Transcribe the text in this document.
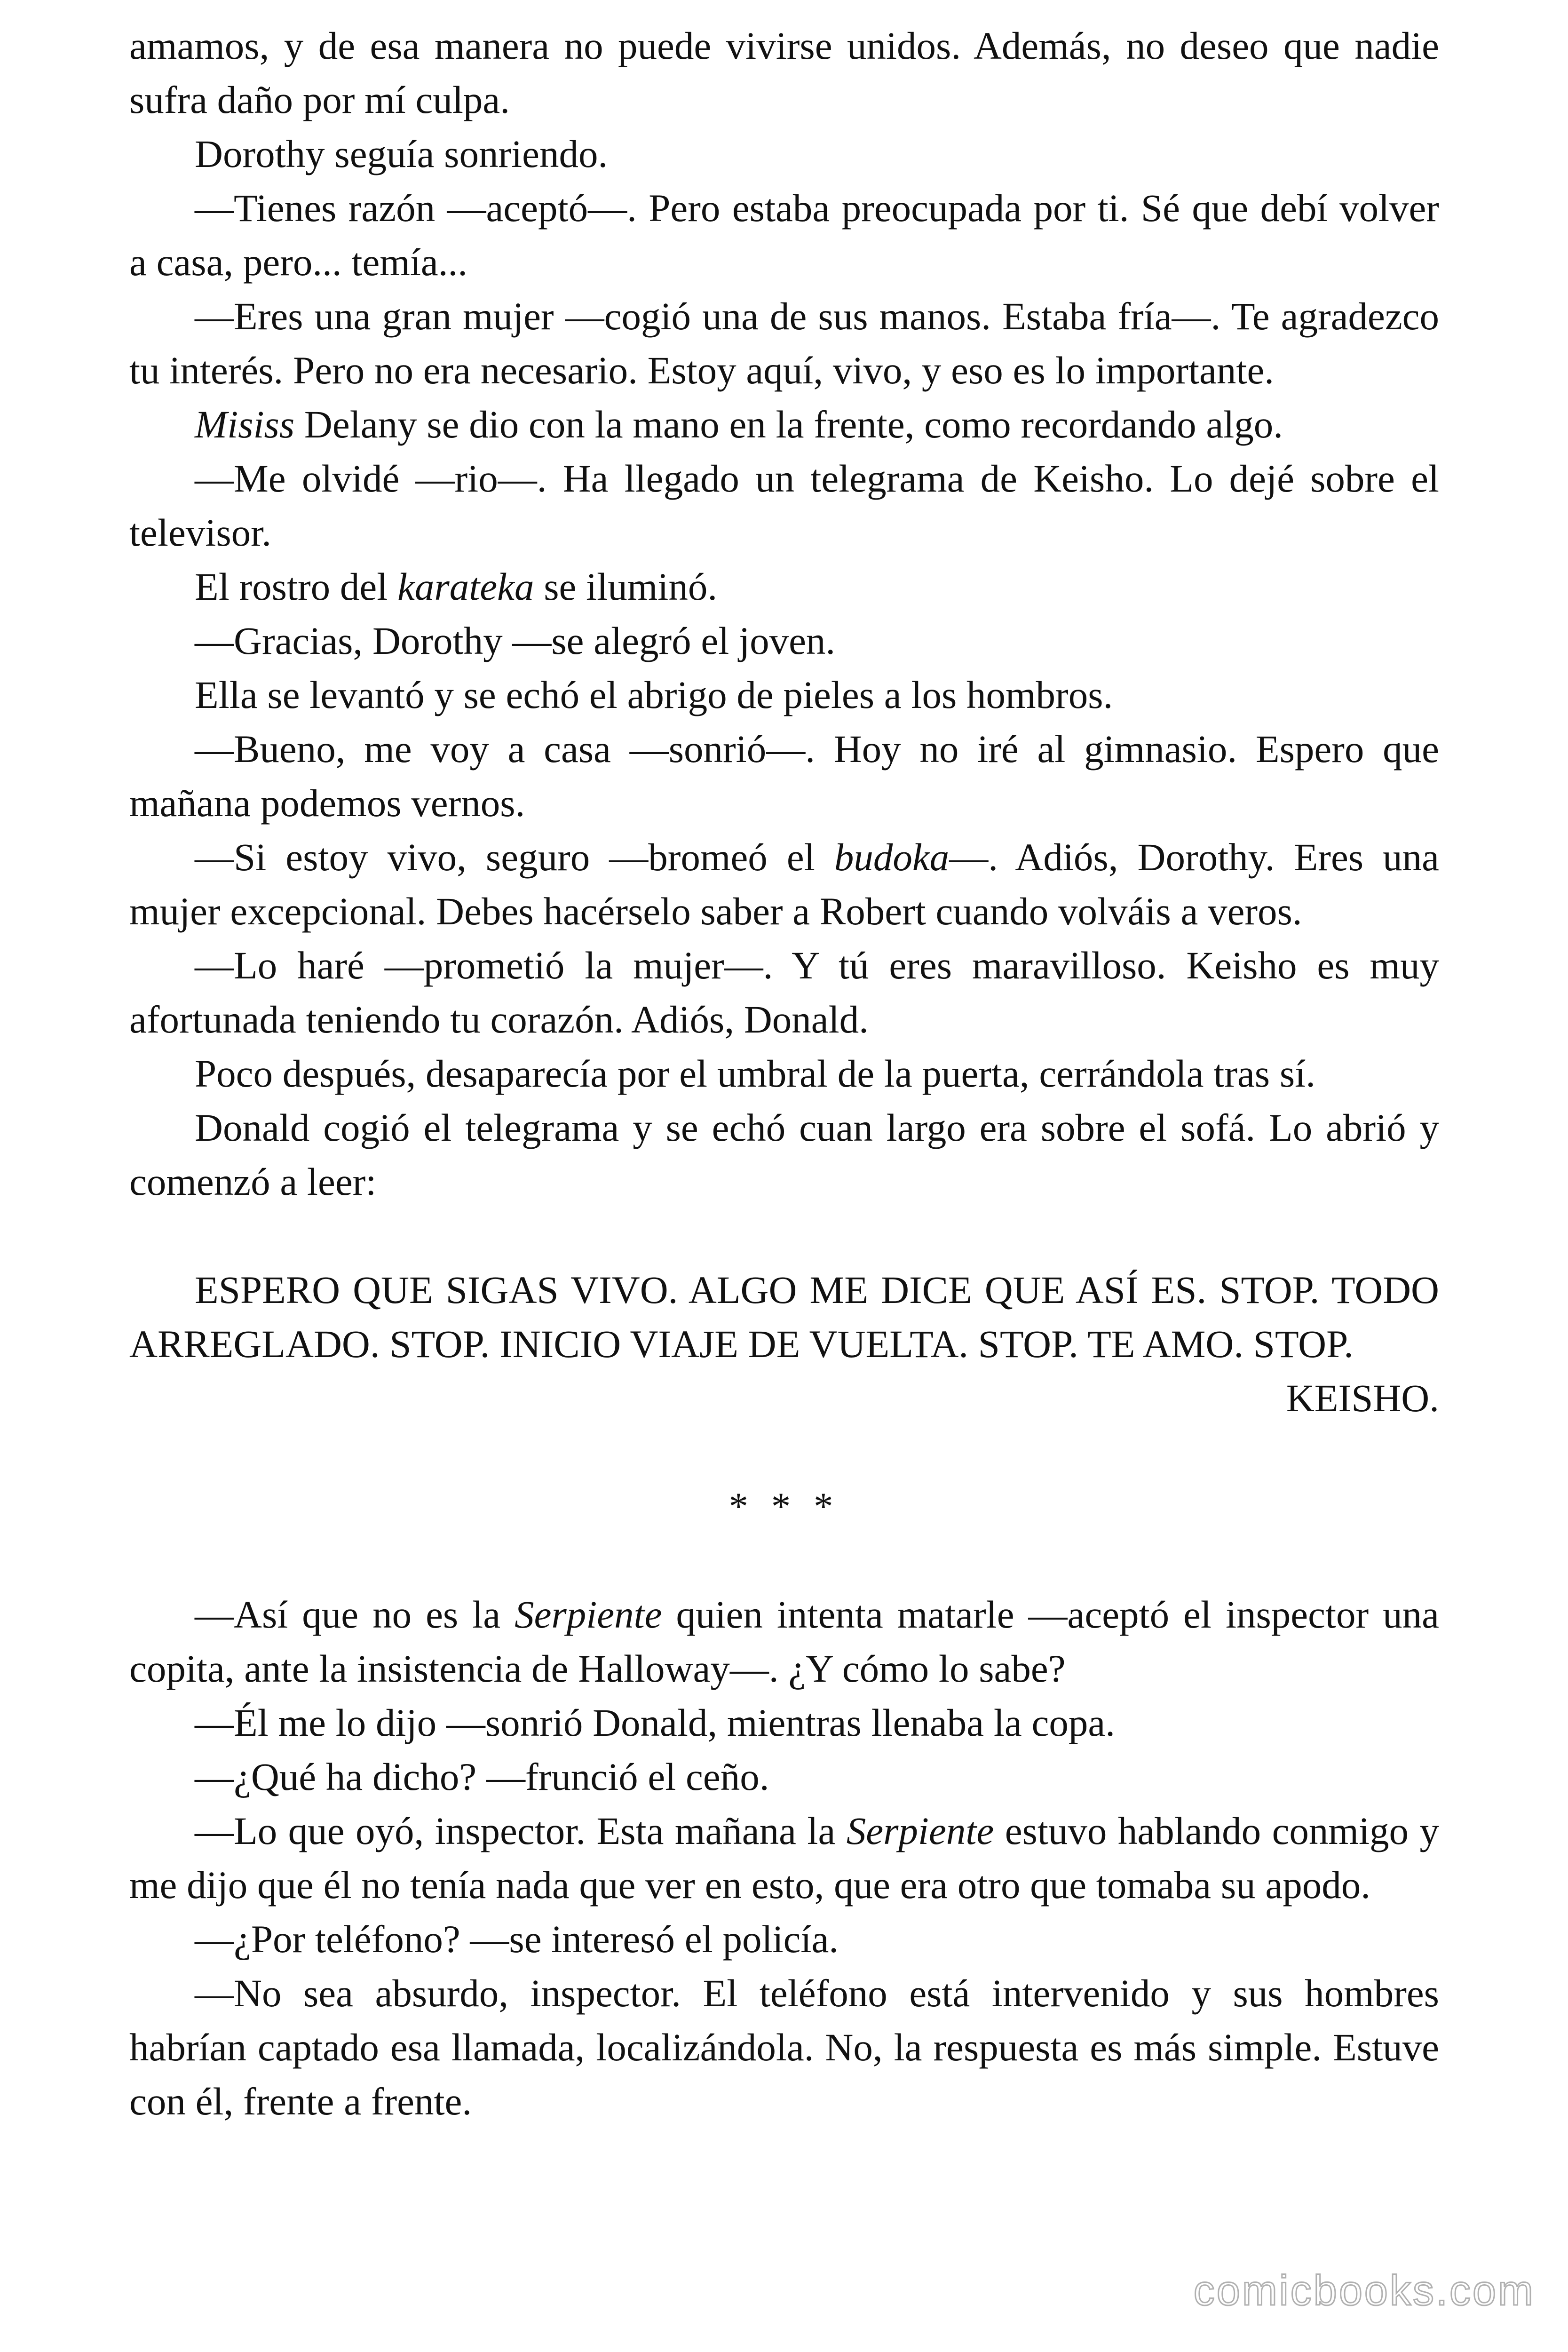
amamos, y de esa manera no puede vivirse unidos. Además, no deseo que nadie sufra daño por mí culpa.

Dorothy seguía sonriendo.

—Tienes razón —aceptó—. Pero estaba preocupada por ti. Sé que debí volver a casa, pero... temía...

—Eres una gran mujer —cogió una de sus manos. Estaba fría—. Te agradezco tu interés. Pero no era necesario. Estoy aquí, vivo, y eso es lo importante.

Misiss Delany se dio con la mano en la frente, como recordando algo.

—Me olvidé —rio—. Ha llegado un telegrama de Keisho. Lo dejé sobre el televisor.

El rostro del karateka se iluminó.

—Gracias, Dorothy —se alegró el joven.

Ella se levantó y se echó el abrigo de pieles a los hombros.

—Bueno, me voy a casa —sonrió—. Hoy no iré al gimnasio. Espero que mañana podemos vernos.

—Si estoy vivo, seguro —bromeó el budoka—. Adiós, Dorothy. Eres una mujer excepcional. Debes hacérselo saber a Robert cuando volváis a veros.

—Lo haré —prometió la mujer—. Y tú eres maravilloso. Keisho es muy afortunada teniendo tu corazón. Adiós, Donald.

Poco después, desaparecía por el umbral de la puerta, cerrándola tras sí.

Donald cogió el telegrama y se echó cuan largo era sobre el sofá. Lo abrió y comenzó a leer:

ESPERO QUE SIGAS VIVO. ALGO ME DICE QUE ASÍ ES. STOP. TODO ARREGLADO. STOP. INICIO VIAJE DE VUELTA. STOP. TE AMO. STOP.

KEISHO.

* * *

—Así que no es la Serpiente quien intenta matarle —aceptó el inspector una copita, ante la insistencia de Halloway—. ¿Y cómo lo sabe?

—Él me lo dijo —sonrió Donald, mientras llenaba la copa.

—¿Qué ha dicho? —frunció el ceño.

—Lo que oyó, inspector. Esta mañana la Serpiente estuvo hablando conmigo y me dijo que él no tenía nada que ver en esto, que era otro que tomaba su apodo.

—¿Por teléfono? —se interesó el policía.

—No sea absurdo, inspector. El teléfono está intervenido y sus hombres habrían captado esa llamada, localizándola. No, la respuesta es más simple. Estuve con él, frente a frente.

comicbooks.com
